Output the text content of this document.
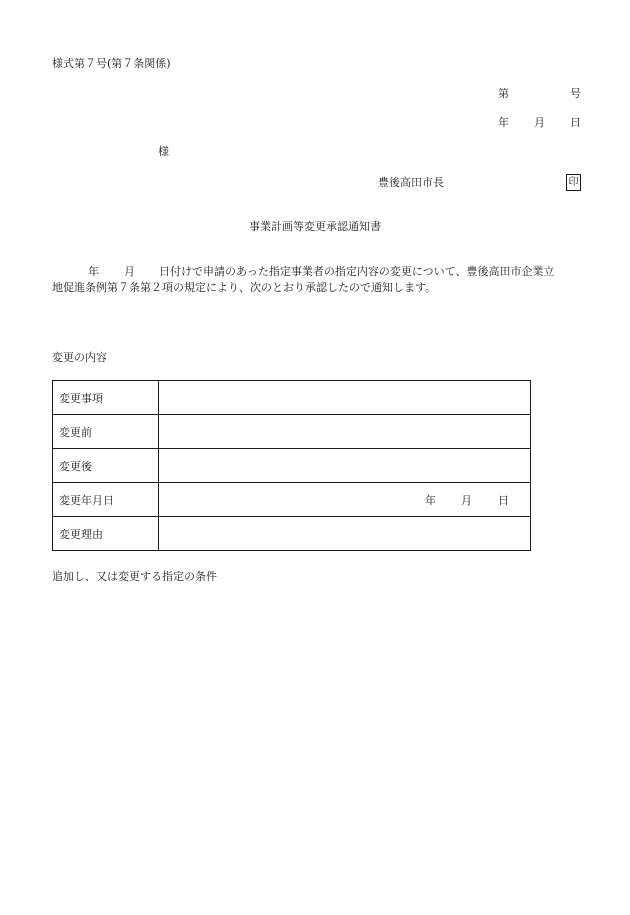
様式第７号(第７条関係)
第	号
年 月 日
様
豊後高田市長	印
事業計画等変更承認通知書
年 月 日付けで申請のあった指定事業者の指定内容の変更について、豊後高田市企業立
地促進条例第７条第２項の規定により、次のとおり承認したので通知します。
変更の内容
変更事項	
変更前	
変更後	
変更年月日	年 月 日

変更理由	
追加し、又は変更する指定の条件
